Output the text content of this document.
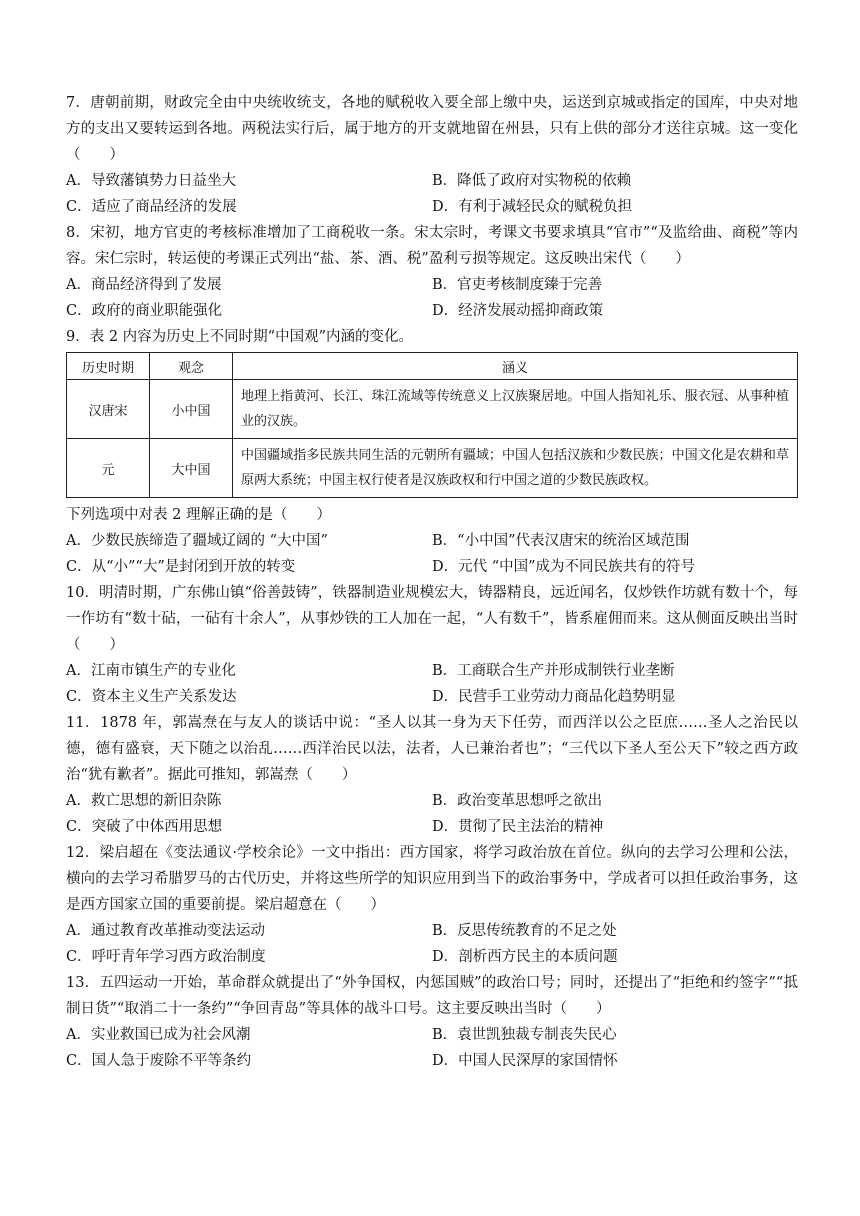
7．唐朝前期，财政完全由中央统收统支，各地的赋税收入要全部上缴中央，运送到京城或指定的国库，中央对地方的支出又要转运到各地。两税法实行后，属于地方的开支就地留在州县，只有上供的部分才送往京城。这一变化（　　）

A．导致藩镇势力日益坐大	B．降低了政府对实物税的依赖
C．适应了商品经济的发展	D．有利于减轻民众的赋税负担

8．宋初，地方官吏的考核标准增加了工商税收一条。宋太宗时，考课文书要求填具“官市”“及监给曲、商税”等内容。宋仁宗时，转运使的考课正式列出“盐、茶、酒、税”盈利亏损等规定。这反映出宋代（　　）

A．商品经济得到了发展	B．官吏考核制度臻于完善
C．政府的商业职能强化	D．经济发展动摇抑商政策

9．表 2 内容为历史上不同时期“中国观”内涵的变化。

历史时期	观念	涵义
汉唐宋	小中国	地理上指黄河、长江、珠江流域等传统意义上汉族聚居地。中国人指知礼乐、服衣冠、从事种植业的汉族。
元	大中国	中国疆域指多民族共同生活的元朝所有疆域；中国人包括汉族和少数民族；中国文化是农耕和草原两大系统；中国主权行使者是汉族政权和行中国之道的少数民族政权。

下列选项中对表 2 理解正确的是（　　）

A．少数民族缔造了疆域辽阔的 “大中国”	B．“小中国”代表汉唐宋的统治区域范围
C．从“小”“大”是封闭到开放的转变	D．元代 “中国”成为不同民族共有的符号

10．明清时期，广东佛山镇“俗善鼓铸”，铁器制造业规模宏大，铸器精良，远近闻名，仅炒铁作坊就有数十个，每一作坊有“数十砧，一砧有十余人”，从事炒铁的工人加在一起，“人有数千”，皆系雇佣而来。这从侧面反映出当时（　　）

A．江南市镇生产的专业化	B．工商联合生产并形成制铁行业垄断
C．资本主义生产关系发达	D．民营手工业劳动力商品化趋势明显

11．1878 年，郭嵩焘在与友人的谈话中说：“圣人以其一身为天下任劳，而西洋以公之臣庶……圣人之治民以德，德有盛衰，天下随之以治乱……西洋治民以法，法者，人已兼治者也”；“三代以下圣人至公天下”较之西方政治“犹有歉者”。据此可推知，郭嵩焘（　　）

A．救亡思想的新旧杂陈	B．政治变革思想呼之欲出
C．突破了中体西用思想	D．贯彻了民主法治的精神

12．梁启超在《变法通议·学校余论》一文中指出：西方国家，将学习政治放在首位。纵向的去学习公理和公法，横向的去学习希腊罗马的古代历史，并将这些所学的知识应用到当下的政治事务中，学成者可以担任政治事务，这是西方国家立国的重要前提。梁启超意在（　　）

A．通过教育改革推动变法运动	B．反思传统教育的不足之处
C．呼吁青年学习西方政治制度	D．剖析西方民主的本质问题

13．五四运动一开始，革命群众就提出了“外争国权，内惩国贼”的政治口号；同时，还提出了“拒绝和约签字”“抵制日货”“取消二十一条约”“争回青岛”等具体的战斗口号。这主要反映出当时（　　）

A．实业救国已成为社会风潮	B．袁世凯独裁专制丧失民心
C．国人急于废除不平等条约	D．中国人民深厚的家国情怀
